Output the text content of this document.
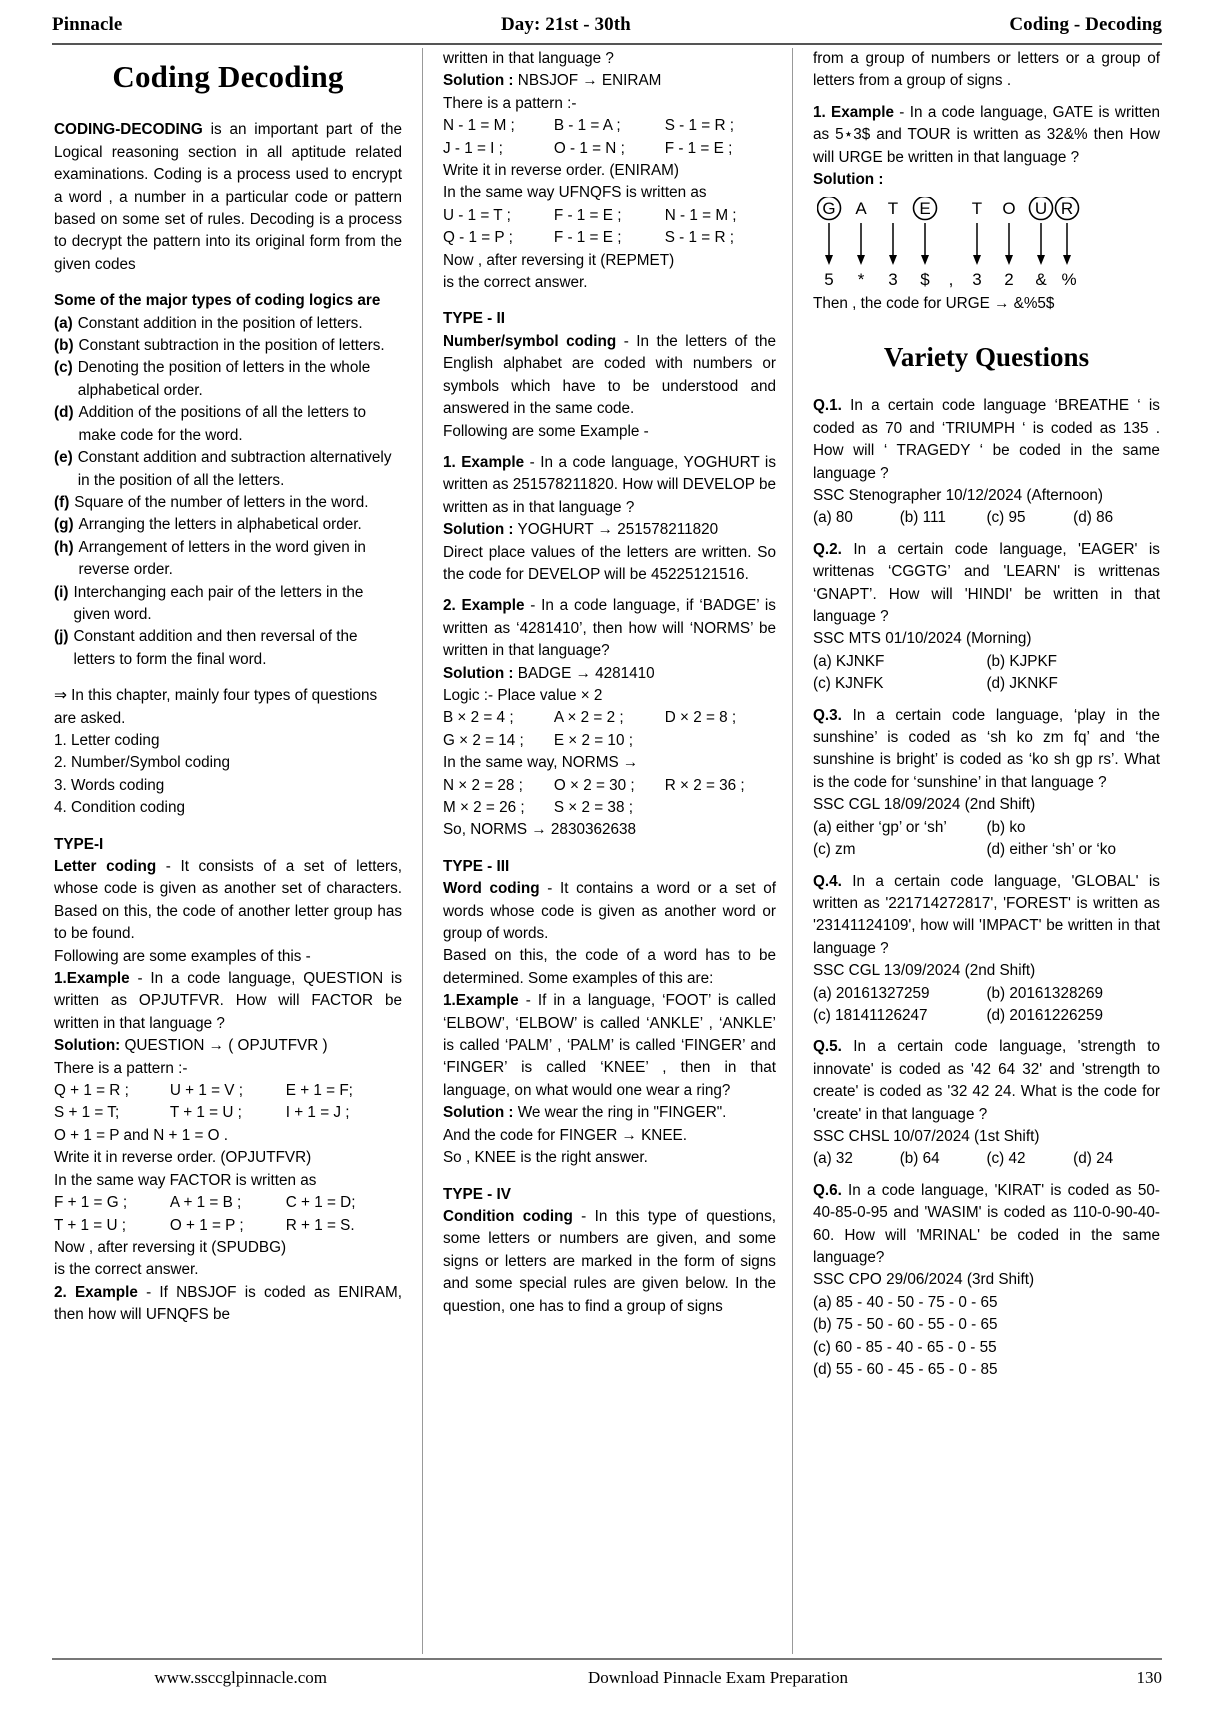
Pinnacle	Day: 21st - 30th	Coding - Decoding
Coding Decoding

CODING-DECODING is an important part of the Logical reasoning section in all aptitude related examinations. Coding is a process used to encrypt a word , a number in a particular code or pattern based on some set of rules. Decoding is a process to decrypt the pattern into its original form from the given codes

Some of the major types of coding logics are

(a) Constant addition in the position of letters.
(b) Constant subtraction in the position of letters.
(c) Denoting the position of letters in the whole alphabetical order.
(d) Addition of the positions of all the letters to make code for the word.
(e) Constant addition and subtraction alternatively in the position of all the letters.
(f) Square of the number of letters in the word.
(g) Arranging the letters in alphabetical order.
(h) Arrangement of letters in the word given in reverse order.
(i) Interchanging each pair of the letters in the given word.
(j) Constant addition and then reversal of the letters to form the final word.

⇒ In this chapter, mainly four types of questions are asked.

1. Letter coding

2. Number/Symbol coding

3. Words coding

4. Condition coding

TYPE-I

Letter coding - It consists of a set of letters, whose code is given as another set of characters. Based on this, the code of another letter group has to be found.

Following are some examples of this -

1.Example - In a code language, QUESTION is written as OPJUTFVR. How will FACTOR be written in that language ?

Solution: QUESTION → ( OPJUTFVR )

There is a pattern :-

Q + 1 = R ;	U + 1 = V ;	E + 1 = F;
S + 1 = T;	T + 1 = U ;	I + 1 = J ;

O + 1 = P and N + 1 = O .

Write it in reverse order. (OPJUTFVR)

In the same way FACTOR is written as

F + 1 = G ;	A + 1 = B ;	C + 1 = D;
T + 1 = U ;	O + 1 = P ;	R + 1 = S.

Now , after reversing it (SPUDBG)

is the correct answer.

2. Example - If NBSJOF is coded as ENIRAM, then how will UFNQFS be

written in that language ?

Solution : NBSJOF → ENIRAM

There is a pattern :-

N - 1 = M ;	B - 1 = A ;	S - 1 = R ;
J - 1 = I ;	O - 1 = N ;	F - 1 = E ;

Write it in reverse order. (ENIRAM)

In the same way UFNQFS is written as

U - 1 = T ;	F - 1 = E ;	N - 1 = M ;
Q - 1 = P ;	F - 1 = E ;	S - 1 = R ;

Now , after reversing it (REPMET)

is the correct answer.

TYPE - II

Number/symbol coding - In the letters of the English alphabet are coded with numbers or symbols which have to be understood and answered in the same code.

Following are some Example -

1. Example - In a code language, YOGHURT is written as 251578211820. How will DEVELOP be written as in that language ?

Solution : YOGHURT → 251578211820

Direct place values of the letters are written. So the code for DEVELOP will be 45225121516.

2. Example - In a code language, if ‘BADGE’ is written as ‘4281410’, then how will ‘NORMS’ be written in that language?

Solution : BADGE → 4281410

Logic :- Place value × 2

B × 2 = 4 ;	A × 2 = 2 ;	D × 2 = 8 ;
G × 2 = 14 ;	E × 2 = 10 ;

In the same way, NORMS →

N × 2 = 28 ;	O × 2 = 30 ;	R × 2 = 36 ;
M × 2 = 26 ;	S × 2 = 38 ;

So, NORMS → 2830362638

TYPE - III

Word coding - It contains a word or a set of words whose code is given as another word or group of words.

Based on this, the code of a word has to be determined. Some examples of this are:

1.Example - If in a language, ‘FOOT’ is called ‘ELBOW’, ‘ELBOW’ is called ‘ANKLE’ , ‘ANKLE’ is called ‘PALM’ , ‘PALM’ is called ‘FINGER’ and ‘FINGER’ is called ‘KNEE’ , then in that language, on what would one wear a ring?

Solution : We wear the ring in "FINGER".

And the code for FINGER → KNEE.

So , KNEE is the right answer.

TYPE - IV

Condition coding - In this type of questions, some letters or numbers are given, and some signs or letters are marked in the form of signs and some special rules are given below. In the question, one has to find a group of signs

from a group of numbers or letters or a group of letters from a group of signs .

1. Example - In a code language, GATE is written as 5⋆3$ and TOUR is written as 32&% then How will URGE be written in that language ?

Solution :

G A T E T O U R
5 * 3 $ , 3 2 & %

Then , the code for URGE → &%5$

Variety Questions

Q.1. In a certain code language ‘BREATHE ‘ is coded as 70 and ‘TRIUMPH ‘ is coded as 135 . How will ‘ TRAGEDY ‘ be coded in the same language ?

SSC Stenographer 10/12/2024 (Afternoon)

(a) 80	(b) 111	(c) 95	(d) 86

Q.2. In a certain code language, 'EAGER' is writtenas ‘CGGTG’ and 'LEARN' is writtenas ‘GNAPT’. How will 'HINDI' be written in that language ?

SSC MTS 01/10/2024 (Morning)

(a) KJNKF	(b) KJPKF
(c) KJNFK	(d) JKNKF

Q.3. In a certain code language, ‘play in the sunshine’ is coded as ‘sh ko zm fq’ and ‘the sunshine is bright’ is coded as ‘ko sh gp rs’. What is the code for ‘sunshine’ in that language ?

SSC CGL 18/09/2024 (2nd Shift)

(a) either ‘gp’ or ‘sh’	(b) ko
(c) zm	(d) either ‘sh’ or ‘ko

Q.4. In a certain code language, 'GLOBAL' is written as '221714272817', 'FOREST' is written as '23141124109', how will 'IMPACT' be written in that language ?

SSC CGL 13/09/2024 (2nd Shift)

(a) 20161327259	(b) 20161328269
(c) 18141126247	(d) 20161226259

Q.5. In a certain code language, 'strength to innovate' is coded as '42 64 32' and 'strength to create' is coded as '32 42 24. What is the code for 'create' in that language ?

SSC CHSL 10/07/2024 (1st Shift)

(a) 32	(b) 64	(c) 42	(d) 24

Q.6. In a code language, 'KIRAT' is coded as 50-40-85-0-95 and 'WASIM' is coded as 110-0-90-40-60. How will 'MRINAL' be coded in the same language?

SSC CPO 29/06/2024 (3rd Shift)

(a) 85 - 40 - 50 - 75 - 0 - 65

(b) 75 - 50 - 60 - 55 - 0 - 65

(c) 60 - 85 - 40 - 65 - 0 - 55

(d) 55 - 60 - 45 - 65 - 0 - 85

www.ssccglpinnacle.com	Download Pinnacle Exam Preparation	130
